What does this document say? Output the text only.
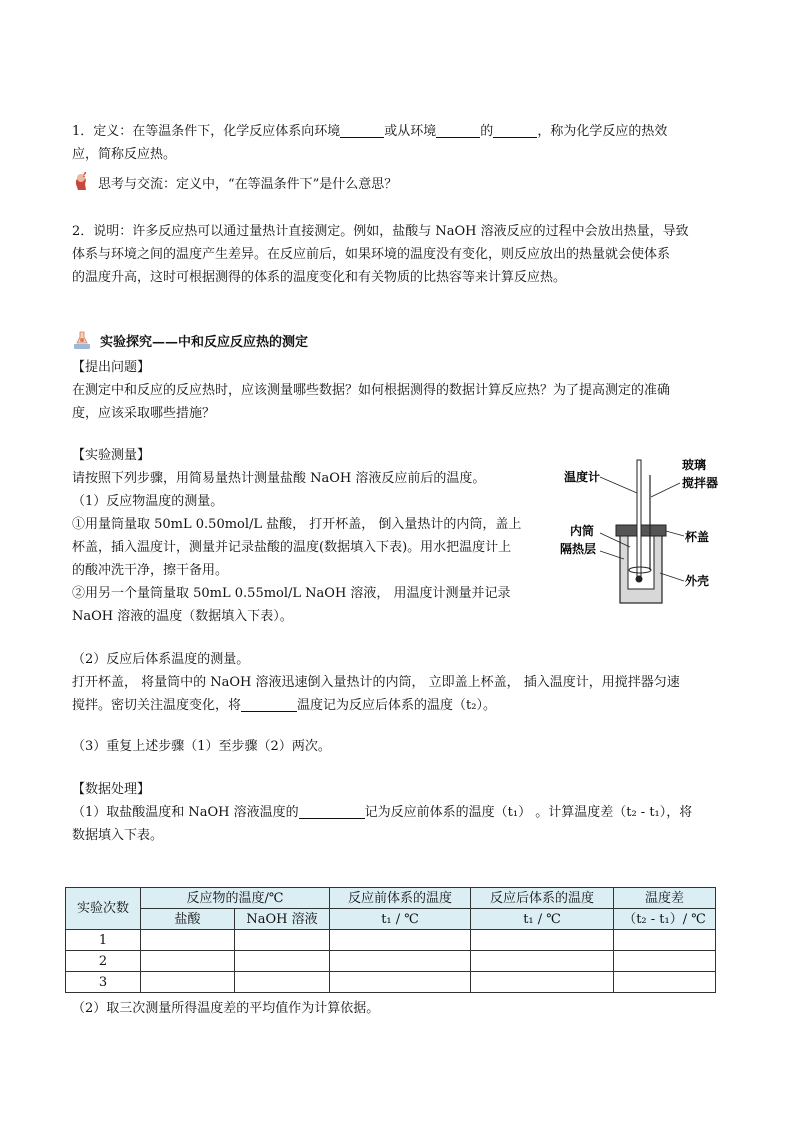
1．定义：在等温条件下，化学反应体系向环境	或从环境	的	，称为化学反应的热效
应，简称反应热。
?
思考与交流：定义中，“在等温条件下”是什么意思？
2．说明：许多反应热可以通过量热计直接测定。例如，盐酸与 NaOH 溶液反应的过程中会放出热量，导致
体系与环境之间的温度产生差异。在反应前后，如果环境的温度没有变化，则反应放出的热量就会使体系
的温度升高，这时可根据测得的体系的温度变化和有关物质的比热容等来计算反应热。
实验探究——中和反应反应热的测定
【提出问题】
在测定中和反应的反应热时，应该测量哪些数据？如何根据测得的数据计算反应热？为了提高测定的准确
度，应该采取哪些措施？
【实验测量】
请按照下列步骤，用简易量热计测量盐酸 NaOH 溶液反应前后的温度。
（1）反应物温度的测量。
①用量筒量取 50mL 0.50mol/L 盐酸， 打开杯盖， 倒入量热计的内筒，盖上
杯盖，插入温度计，测量并记录盐酸的温度(数据填入下表)。用水把温度计上
的酸冲洗干净，擦干备用。
②用另一个量筒量取 50mL 0.55mol/L NaOH 溶液， 用温度计测量并记录
NaOH 溶液的温度（数据填入下表）。
温度计
玻璃
搅拌器
内筒
隔热层
杯盖
外壳
（2）反应后体系温度的测量。
打开杯盖， 将量筒中的 NaOH 溶液迅速倒入量热计的内筒， 立即盖上杯盖， 插入温度计，用搅拌器匀速
搅拌。密切关注温度变化，将	温度记为反应后体系的温度（t₂）。
（3）重复上述步骤（1）至步骤（2）两次。
【数据处理】
（1）取盐酸温度和 NaOH 溶液温度的	记为反应前体系的温度（t₁） 。计算温度差（t₂ - t₁），将
数据填入下表。
实验次数	反应物的温度/℃		反应前体系的温度	反应后体系的温度	温度差
	盐酸	NaOH 溶液	t₁ / ℃	t₁ / ℃	（t₂ - t₁）/ ℃
1					
2					
3					
（2）取三次测量所得温度差的平均值作为计算依据。
